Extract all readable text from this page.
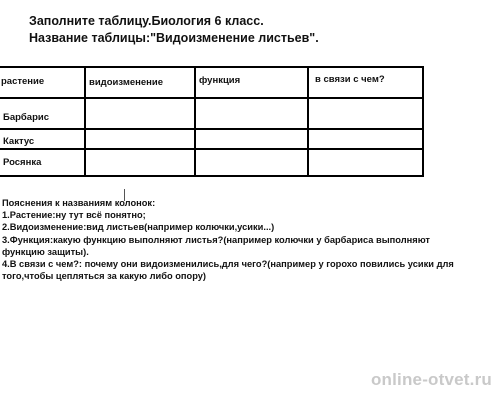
Заполните таблицу.Биология 6 класс.
Название таблицы:"Видоизменение листьев".
растение	видоизменение	функция	в связи с чем?
Барбарис
Кактус
Росянка
Пояснения к названиям колонок:
1.Растение:ну тут всё понятно;
2.Видоизменение:вид листьев(например колючки,усики...)
3.Функция:какую функцию выполняют листья?(например колючки у барбариса выполняют функцию защиты).
4.В связи с чем?: почему они видоизменились,для чего?(например у горохо повились усики для того,чтобы цепляться за какую либо опору)
online-otvet.ru
